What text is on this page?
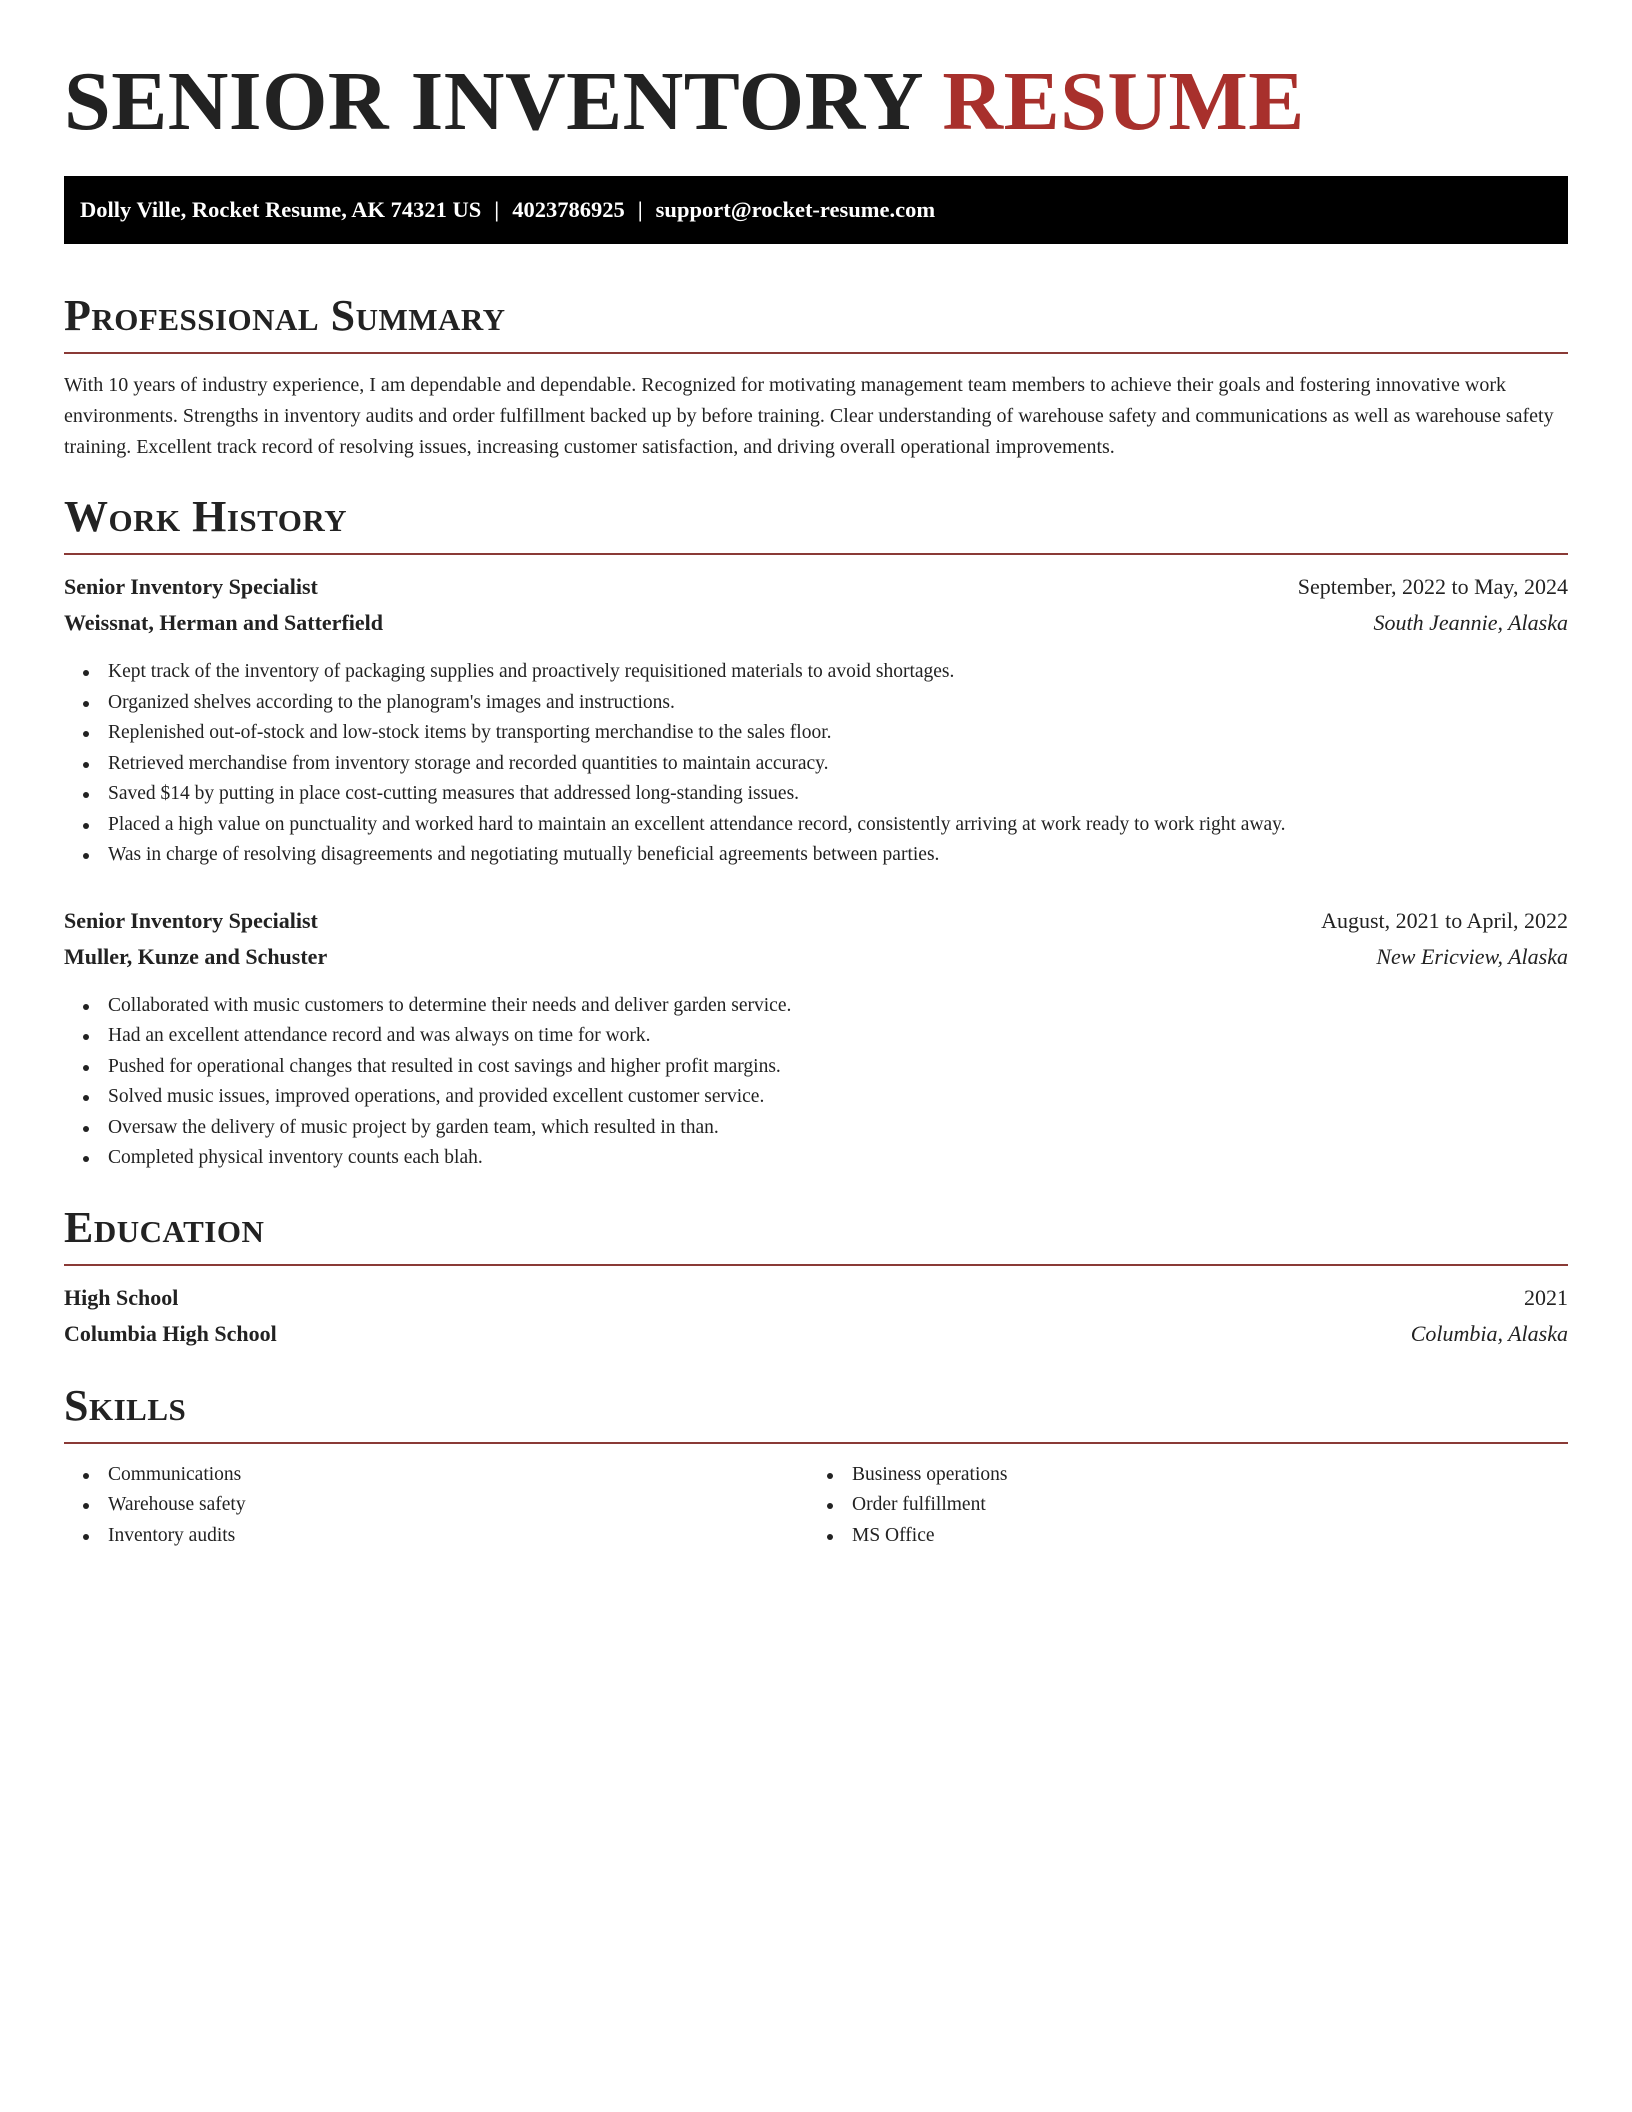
SENIOR INVENTORY RESUME
Dolly Ville, Rocket Resume, AK 74321 US | 4023786925 | support@rocket-resume.com
Professional Summary

With 10 years of industry experience, I am dependable and dependable. Recognized for motivating management team members to achieve their goals and fostering innovative work environments. Strengths in inventory audits and order fulfillment backed up by before training. Clear understanding of warehouse safety and communications as well as warehouse safety training. Excellent track record of resolving issues, increasing customer satisfaction, and driving overall operational improvements.

Work History
Senior Inventory Specialist	September, 2022 to May, 2024
Weissnat, Herman and Satterfield	South Jeannie, Alaska
Kept track of the inventory of packaging supplies and proactively requisitioned materials to avoid shortages.
Organized shelves according to the planogram's images and instructions.
Replenished out-of-stock and low-stock items by transporting merchandise to the sales floor.
Retrieved merchandise from inventory storage and recorded quantities to maintain accuracy.
Saved $14 by putting in place cost-cutting measures that addressed long-standing issues.
Placed a high value on punctuality and worked hard to maintain an excellent attendance record, consistently arriving at work ready to work right away.
Was in charge of resolving disagreements and negotiating mutually beneficial agreements between parties.
Senior Inventory Specialist	August, 2021 to April, 2022
Muller, Kunze and Schuster	New Ericview, Alaska
Collaborated with music customers to determine their needs and deliver garden service.
Had an excellent attendance record and was always on time for work.
Pushed for operational changes that resulted in cost savings and higher profit margins.
Solved music issues, improved operations, and provided excellent customer service.
Oversaw the delivery of music project by garden team, which resulted in than.
Completed physical inventory counts each blah.
Education
High School	2021
Columbia High School	Columbia, Alaska
Skills
Communications
Warehouse safety
Inventory audits
Business operations
Order fulfillment
MS Office
